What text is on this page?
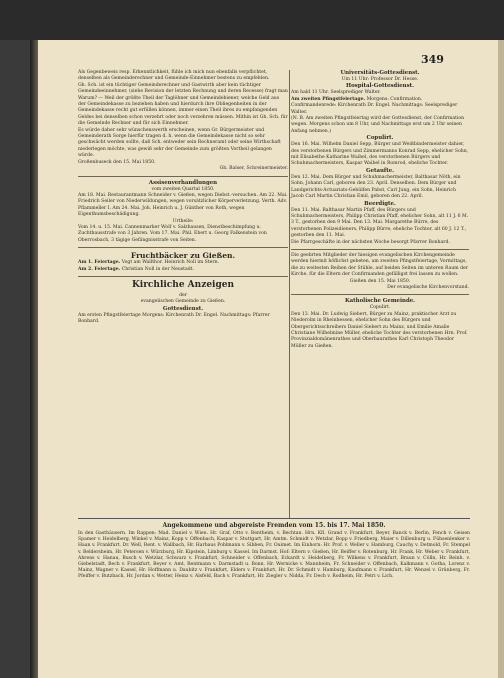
349

Als Gegenbeweis resp. Erkenntlichkeit, fühle ich mich nun ebenfalls verpflichtet, denselben als Gemeinderechner und Gemeinde-Einnehmer bestens zu empfehlen.

Gh. Sch. ist ein tüchtiger Gemeinderechner und Gastwirth aber kein tüchtiger Gemeindeeinnehmer, (siehe Revision der letzten Rechnung und deren Recesse) fragt man Warum? — Weil der größte Theil der Taglöhner und Gemeindebiener, welche Geld aus der Gemeindekasse zu beziehen haben und hierdurch ihre Obliegenheiten in der Gemeindekasse recht gut erfüllen können, immer einen Theil ihres zu empfangenden Geldes bei denselben schon verzehrt oder noch verzehren müssen. Mithin ist Gh. Sch. für die Gemeinde Rechner und für sich Einnehmer.

Es würde daher sehr wünschenswerth erscheinen, wenn Gr. Bürgermeister und Gemeinderath Sorge hierfür tragen d. h. wenn die Gemeindekasse nicht so sehr geschwächt werden sollte, daß Sch. entweder sein Rechneramt oder seine Wirthschaft niederlegen möchte, was gewiß sehr der Gemeinde zum größten Vortheil gelangen würde.

Großenbuseck den 15. Mai 1850.

Gh. Balser, Schreinermeister.

Assisenverhandlungen
vom zweiten Quartal 1850.

Am 18. Mai. Restaurantmann Schneider v. Gießen, wegen Diebst.-versuchen. Am 22. Mai. Friedrich Seiler von Niederwildungen, wegen vorsätzlicher Körperverletzung. Verth. Adv. Pflammeller I. Am 24. Mai. Joh. Heinrich u. J. Günther von Roth, wegen Eigenthumsbeschädigung.

Urtheile:

Vom 14. u. 15. Mai. Cannenmarker Wolf v. Salzhausen, Dienstbeschimpfung u. Zuchthausstrafe von 3 Jahren. Vom 17. Mai. Phil. Ebert u. Georg Falkenstein von Oberrosbach, 3 tägige Gefängnisstrafe von Seiten.

Fruchtbäcker zu Gießen.

Am 1. Feiertage. Vogt am Wallthor. Heinrich Noll im Stern.

Am 2. Feiertage. Christian Noll in der Neustadt.

Kirchliche Anzeigen
der
evangelischen Gemeinde zu Gießen.
Gottesdienst.

Am ersten Pfingstfeiertage Morgens: Kirchenrath Dr. Engel. Nachmittags: Pfarrer Bonhard.

Universitäts-Gottesdienst.
Um 11 Uhr: Professor Dr. Hesse.
Hospital-Gottesdienst.

Am hald 11 Uhr. Seelsprediger Walter.

Am zweiten Pfingstfeiertage. Morgens: Confirmation. Confirmandenrede: Kirchenrath Dr. Engel. Nachmittags: Seelsprediger Walter.

(N. B. Am zweiten Pfingstfeiertag wird der Gottesdienst, der Confirmation wegen. Morgens schon um 8 Uhr, und Nachmittags erst um 2 Uhr seinen Anfang nehmen.)

Copulirt.

Den 16. Mai. Wilhelm Daniel Sepp, Bürger und Weißbindermeister dahier, des verstorbenen Bürgers und Zimmermanns Konrad Sepp, ehelicher Sohn, mit Elisabethe Katharine Waibel, des verstorbenen Bürgers und Schuhmachermeisters, Kaspar Waibel in Romrod, eheliche Tochter.

Getaufte.

Den 12. Mai. Dem Bürger und Schuhmachermeister, Balthasar Nöth, ein Sohn, Johann Carl, geboren den 23. April. Denselben. Dem Bürger und Landgerichts-Actuariats-Gehülfen Pabst, Carl Jung, ein Sohn, Heinrich Jacob Carl Martin Christian Emil, geboren den 22. April.

Beerdigte.

Den 11. Mai. Balthasar Martin Pfaff, des Bürgers und Schuhmachermeisters, Philipp Christian Pfaff, ehelicher Sohn, alt 11 J. 6 M. 3 T., gestorben den 9 Mai. Den 13. Mai. Margarethe Bürre, des verstorbenen Polizeidieners, Philipp Bürre, eheliche Tochter, alt 60 J. 12 T., gestorben den 11. Mai.

Die Pfarrgeschäfte in der nächsten Woche besorgt Pfarrer Bonhard.

Die geehrten Mitglieder der hiesigen evangelischen Kirchengemeinde werden hiermit höflichst gebeten, am zweiten Pfingstfeiertage, Vormittags, die zu weitesten Reihen der Stühle, auf beiden Seiten im unteren Raum der Kirche, für die Eltern der Confirmanden gefälligst frei lassen zu wollen.

Gießen den 15. Mai 1850.

Der evangelische Kirchenvorstand.

Katholische Gemeinde.
Copulirt.

Den 13. Mai. Dr. Ludwig Siebert, Bürger zu Mainz, praktischer Arzt zu Niederolm in Rheinhessen, ehelicher Sohn des Bürgers und Obergerichtsschreibers Daniel Siebert zu Mainz, und Emilie Amalie Christiane Wilhelmine Müller, eheliche Tochter des verstorbenen Hrn. Prof. Provinzialdomänenrathes und Oberbaurathes Karl Christoph Theodor Müller zu Gießen.

Angekommene und abgereiste Fremden vom 15. bis 17. Mai 1850.

In den Gasthäusern. Im Rappen: Mad. Daniel v. Wien. Hr. Graf, Otto v. Bentheim, v. Bechtan. Hrn. Kfl. Grand v. Frankfurt, Beyer, Banck v. Berlin, Fench v. Geisen Spamer v. Heidelberg, Winkel v. Mainz, Kopp v. Offenbach, Kaspar v. Stuttgart, Hr. Amtm. Schmidt v. Wetzlar, Bopp v. Friedberg, Maier v. Dillenburg u. Fühsenlenker v. Haan v. Frankfurt. Dr. Well, Rent. v. Wallbach, Hr. Harbaus Pohlmann v. Sibben, Fr. Ouimet. Im Einhorn: Hr. Prof. v. Weller v. Hamburg, Cauchy v. Detmold, Fr. Stempel v. Beldersheim, Hr. Petersen v. Würzburg, Hr. Kipstein, Limburg v. Kassel. Im Darmst. Hof: Eltern v. Gießen, Hr. Beiffer v. Rotenburg, Hr. Frank, Hr. Weber v. Frankfurt, Ahrens v. Hanau, Busch v. Wetzlar, Schwarz v. Frankfurt, Schneider v. Offenbach, Eckardt v. Heidelberg, Fr. Wilkens v. Frankfurt, Braun v. Cölln, Hr. Reinh. v. Giebelstadt, Bech v. Frankfurt, Beyer v. Amt, Rentmann v. Darmstadt u. Bonn. Hr. Wernicke v. Mannheim, Fr. Schneider v. Offenbach, Kalkmann v. Gotha, Lorenz v. Mainz, Wagner v. Kassel, Hr. Hoffmann u. Daubitz v. Frankfurt, Elders v. Frankfurt, Hr. Dr. Schmidt v. Hamburg, Kaufmann v. Frankfurt, Hr. Wenzel v. Grünberg, Fr. Pfeiffer v. Butzbach, Hr. Jordan v. Wetter, Heinz v. Alsfeld, Bach v. Frankfurt, Hr. Ziegler v. Nidda, Fr. Dech v. Rodheim, Hr. Petri v. Lich.
